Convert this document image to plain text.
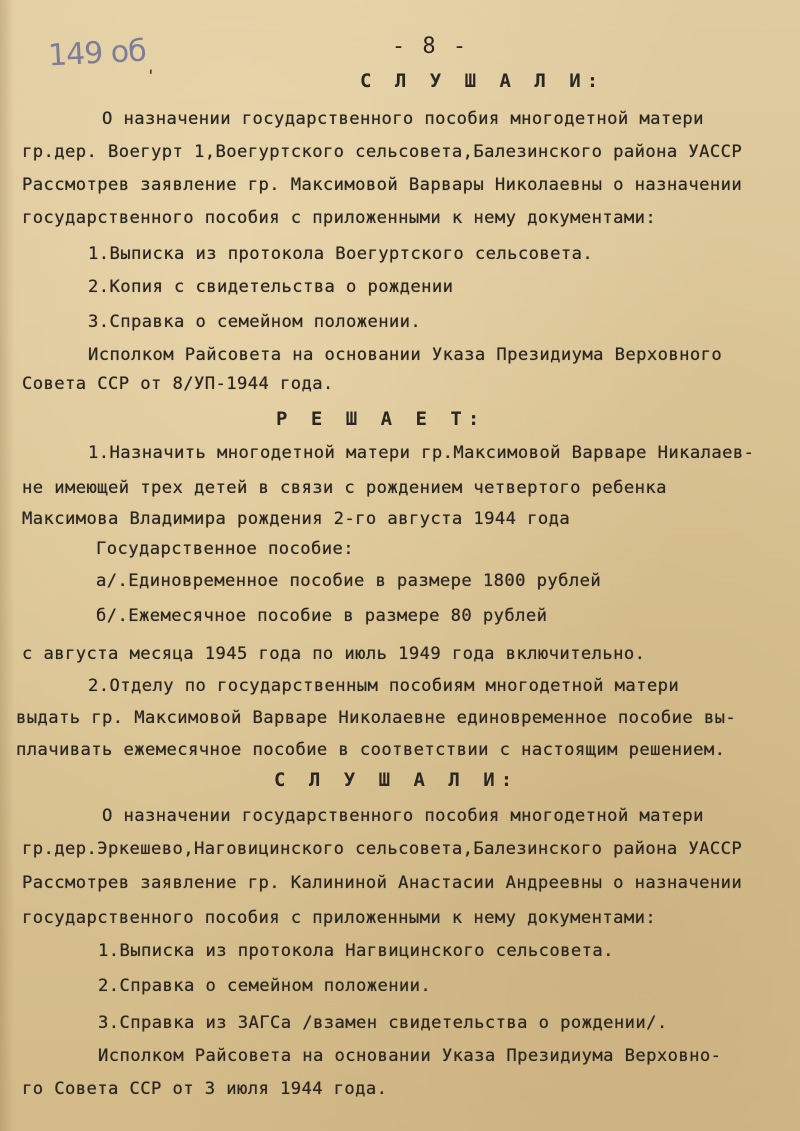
149 об	- 8 -
'	С Л У Ш А Л И:
О назначении государственного пособия многодетной матери
гр.дер. Воегурт 1,Воегуртского сельсовета,Балезинского района УАССР
Рассмотрев заявление гр. Максимовой Варвары Николаевны о назначении
государственного пособия с приложенными к нему документами:
1.Выписка из протокола Воегуртского сельсовета.
2.Копия с свидетельства о рождении
3.Справка о семейном положении.
Исполком Райсовета на основании Указа Президиума Верховного
Совета ССР от 8/УП-1944 года.
Р Е Ш А Е Т:
1.Назначить многодетной матери гр.Максимовой Варваре Никалаев-
не имеющей трех детей в связи с рождением четвертого ребенка
Максимова Владимира рождения 2-го августа 1944 года
Государственное пособие:
а/.Единовременное пособие в размере 1800 рублей
б/.Ежемесячное пособие в размере 80 рублей
с августа месяца 1945 года по июль 1949 года включительно.
2.Отделу по государственным пособиям многодетной матери
выдать гр. Максимовой Варваре Николаевне единовременное пособие вы-
плачивать ежемесячное пособие в соответствии с настоящим решением.
С Л У Ш А Л И:
О назначении государственного пособия многодетной матери
гр.дер.Эркешево,Наговицинского сельсовета,Балезинского района УАССР
Рассмотрев заявление гр. Калининой Анастасии Андреевны о назначении
государственного пособия с приложенными к нему документами:
1.Выписка из протокола Нагвицинского сельсовета.
2.Справка о семейном положении.
3.Справка из ЗАГСа /взамен свидетельства о рождении/.
Исполком Райсовета на основании Указа Президиума Верховно-
го Совета ССР от 3 июля 1944 года.
